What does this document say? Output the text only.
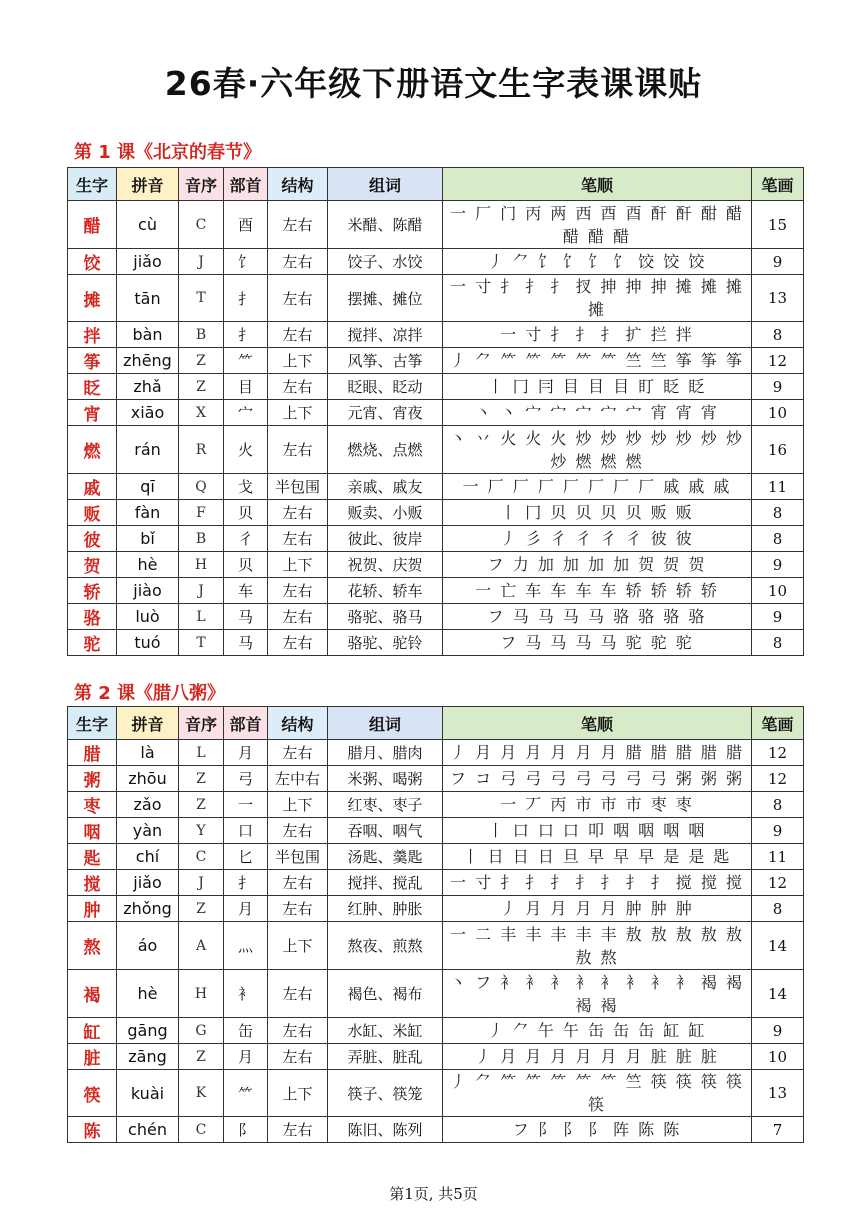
26春·六年级下册语文生字表课课贴
第 1 课《北京的春节》
生字	拼音	音序	部首	结构	组词	笔顺	笔画
醋	cù	C	酉	左右	米醋、陈醋	一 厂 门 丙 两 西 酉 酉 酐 酐 酣 醋 醋 醋 醋	15
饺	jiǎo	J	饣	左右	饺子、水饺	丿 ⺈ 饣 饣 饣 饣 饺 饺 饺	9
摊	tān	T	扌	左右	摆摊、摊位	一 寸 扌 扌 扌 扠 抻 抻 抻 摊 摊 摊 摊	13
拌	bàn	B	扌	左右	搅拌、凉拌	一 寸 扌 扌 扌 扩 拦 拌	8
筝	zhēng	Z	⺮	上下	风筝、古筝	丿 ⺈ ⺮ ⺮ ⺮ ⺮ ⺮ 竺 竺 筝 筝 筝	12
眨	zhǎ	Z	目	左右	眨眼、眨动	丨 冂 冃 目 目 目 盯 眨 眨	9
宵	xiāo	X	宀	上下	元宵、宵夜	丶 丶 宀 宀 宀 宀 宀 宵 宵 宵	10
燃	rán	R	火	左右	燃烧、点燃	丶 丷 火 火 火 炒 炒 炒 炒 炒 炒 炒 炒 燃 燃 燃	16
戚	qī	Q	戈	半包围	亲戚、戚友	一 厂 厂 厂 厂 厂 厂 厂 戚 戚 戚	11
贩	fàn	F	贝	左右	贩卖、小贩	丨 冂 贝 贝 贝 贝 贩 贩	8
彼	bǐ	B	彳	左右	彼此、彼岸	丿 彡 彳 彳 彳 彳 彼 彼	8
贺	hè	H	贝	上下	祝贺、庆贺	フ 力 加 加 加 加 贺 贺 贺	9
轿	jiào	J	车	左右	花轿、轿车	一 亡 车 车 车 车 轿 轿 轿 轿	10
骆	luò	L	马	左右	骆驼、骆马	フ 马 马 马 马 骆 骆 骆 骆	9
驼	tuó	T	马	左右	骆驼、驼铃	フ 马 马 马 马 驼 驼 驼	8
第 2 课《腊八粥》
生字	拼音	音序	部首	结构	组词	笔顺	笔画
腊	là	L	月	左右	腊月、腊肉	丿 月 月 月 月 月 月 腊 腊 腊 腊 腊	12
粥	zhōu	Z	弓	左中右	米粥、喝粥	フ コ 弓 弓 弓 弓 弓 弓 弓 粥 粥 粥	12
枣	zǎo	Z	一	上下	红枣、枣子	一 丆 丙 市 市 市 枣 枣	8
咽	yàn	Y	口	左右	吞咽、咽气	丨 口 口 口 叩 咽 咽 咽 咽	9
匙	chí	C	匕	半包围	汤匙、羹匙	丨 日 日 日 旦 早 早 早 是 是 匙	11
搅	jiǎo	J	扌	左右	搅拌、搅乱	一 寸 扌 扌 扌 扌 扌 扌 扌 搅 搅 搅	12
肿	zhǒng	Z	月	左右	红肿、肿胀	丿 月 月 月 月 肿 肿 肿	8
熬	áo	A	灬	上下	熬夜、煎熬	一 二 丰 丰 丰 丰 丰 敖 敖 敖 敖 敖 敖 熬	14
褐	hè	H	衤	左右	褐色、褐布	丶 フ 衤 衤 衤 衤 衤 衤 衤 衤 褐 褐 褐 褐	14
缸	gāng	G	缶	左右	水缸、米缸	丿 ⺈ 午 午 缶 缶 缶 缸 缸	9
脏	zāng	Z	月	左右	弄脏、脏乱	丿 月 月 月 月 月 月 脏 脏 脏	10
筷	kuài	K	⺮	上下	筷子、筷笼	丿 ⺈ ⺮ ⺮ ⺮ ⺮ ⺮ 竺 筷 筷 筷 筷 筷	13
陈	chén	C	阝	左右	陈旧、陈列	フ 阝 阝 阝 阵 陈 陈	7
第1页, 共5页
